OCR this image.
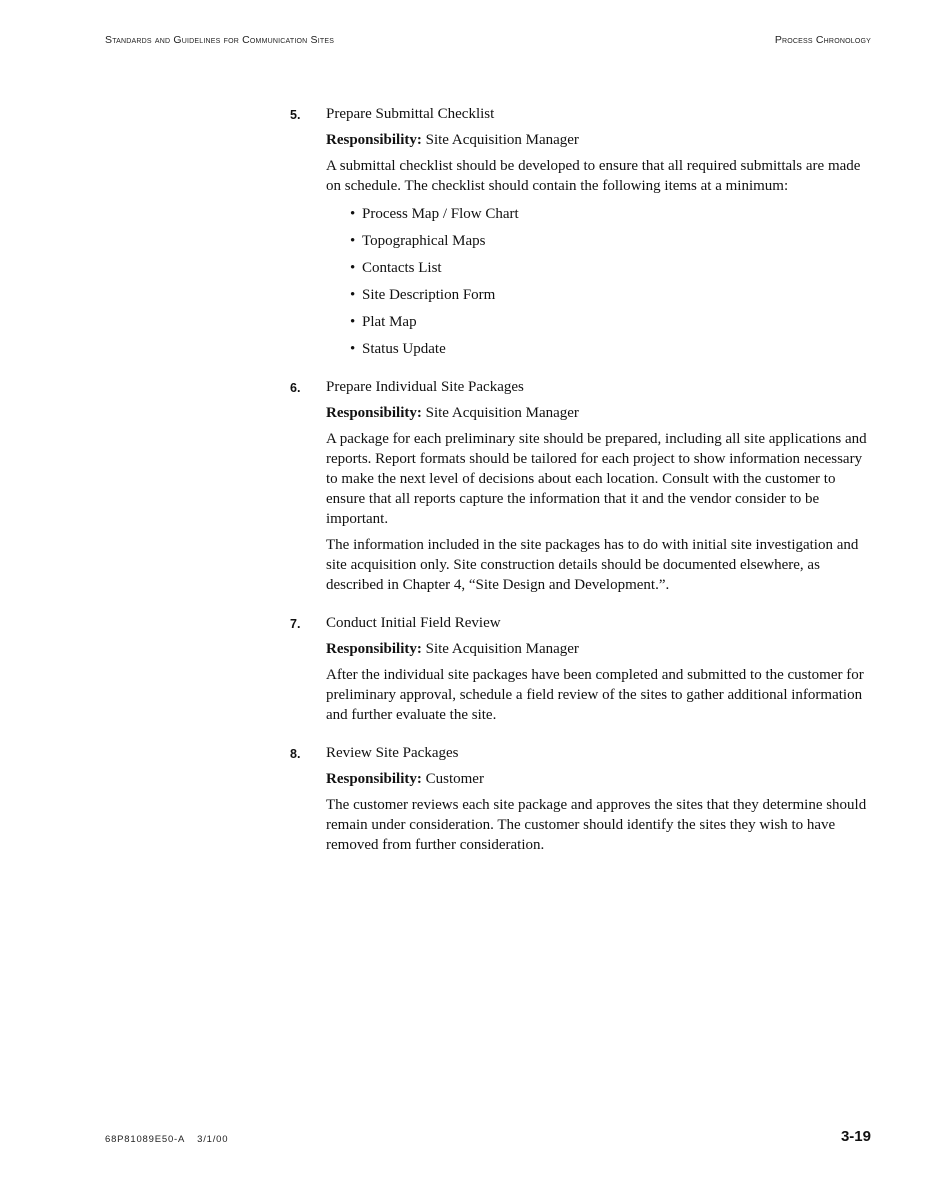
Standards and Guidelines for Communication Sites	Process Chronology
5. Prepare Submittal Checklist

Responsibility: Site Acquisition Manager

A submittal checklist should be developed to ensure that all required submittals are made on schedule. The checklist should contain the following items at a minimum:

• Process Map / Flow Chart
• Topographical Maps
• Contacts List
• Site Description Form
• Plat Map
• Status Update
6. Prepare Individual Site Packages

Responsibility: Site Acquisition Manager

A package for each preliminary site should be prepared, including all site applications and reports. Report formats should be tailored for each project to show information necessary to make the next level of decisions about each location. Consult with the customer to ensure that all reports capture the information that it and the vendor consider to be important.

The information included in the site packages has to do with initial site investigation and site acquisition only. Site construction details should be documented elsewhere, as described in Chapter 4, “Site Design and Development.”.

7. Conduct Initial Field Review

Responsibility: Site Acquisition Manager

After the individual site packages have been completed and submitted to the customer for preliminary approval, schedule a field review of the sites to gather additional information and further evaluate the site.

8. Review Site Packages

Responsibility: Customer

The customer reviews each site package and approves the sites that they determine should remain under consideration. The customer should identify the sites they wish to have removed from further consideration.

68P81089E50-A 3/1/00	3-19
